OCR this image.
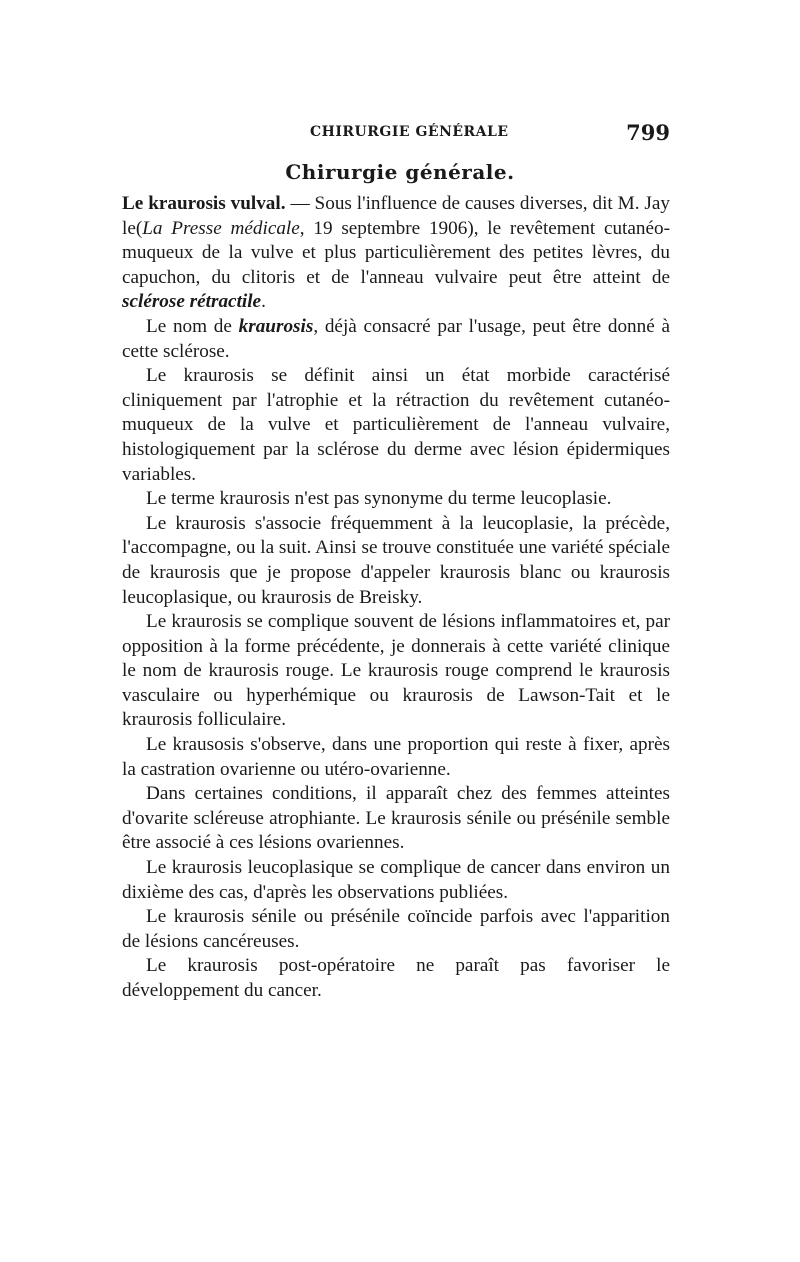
CHIRURGIE GÉNÉRALE	799
Chirurgie générale.

Le kraurosis vulval. — Sous l'influence de causes diverses, dit M. Jay le(La Presse médicale, 19 septembre 1906), le revêtement cutanéo-muqueux de la vulve et plus particulièrement des petites lèvres, du capuchon, du clitoris et de l'anneau vulvaire peut être atteint de sclérose rétractile.

Le nom de kraurosis, déjà consacré par l'usage, peut être donné à cette sclérose.

Le kraurosis se définit ainsi un état morbide caractérisé cliniquement par l'atrophie et la rétraction du revêtement cutanéo-muqueux de la vulve et particulièrement de l'anneau vulvaire, histologiquement par la sclérose du derme avec lésion épidermiques variables.

Le terme kraurosis n'est pas synonyme du terme leucoplasie.

Le kraurosis s'associe fréquemment à la leucoplasie, la précède, l'accompagne, ou la suit. Ainsi se trouve constituée une variété spéciale de kraurosis que je propose d'appeler kraurosis blanc ou kraurosis leucoplasique, ou kraurosis de Breisky.

Le kraurosis se complique souvent de lésions inflammatoires et, par opposition à la forme précédente, je donnerais à cette variété clinique le nom de kraurosis rouge. Le kraurosis rouge comprend le kraurosis vasculaire ou hyperhémique ou kraurosis de Lawson-Tait et le kraurosis folliculaire.

Le krausosis s'observe, dans une proportion qui reste à fixer, après la castration ovarienne ou utéro-ovarienne.

Dans certaines conditions, il apparaît chez des femmes atteintes d'ovarite scléreuse atrophiante. Le kraurosis sénile ou présénile semble être associé à ces lésions ovariennes.

Le kraurosis leucoplasique se complique de cancer dans environ un dixième des cas, d'après les observations publiées.

Le kraurosis sénile ou présénile coïncide parfois avec l'apparition de lésions cancéreuses.

Le kraurosis post-opératoire ne paraît pas favoriser le développement du cancer.
